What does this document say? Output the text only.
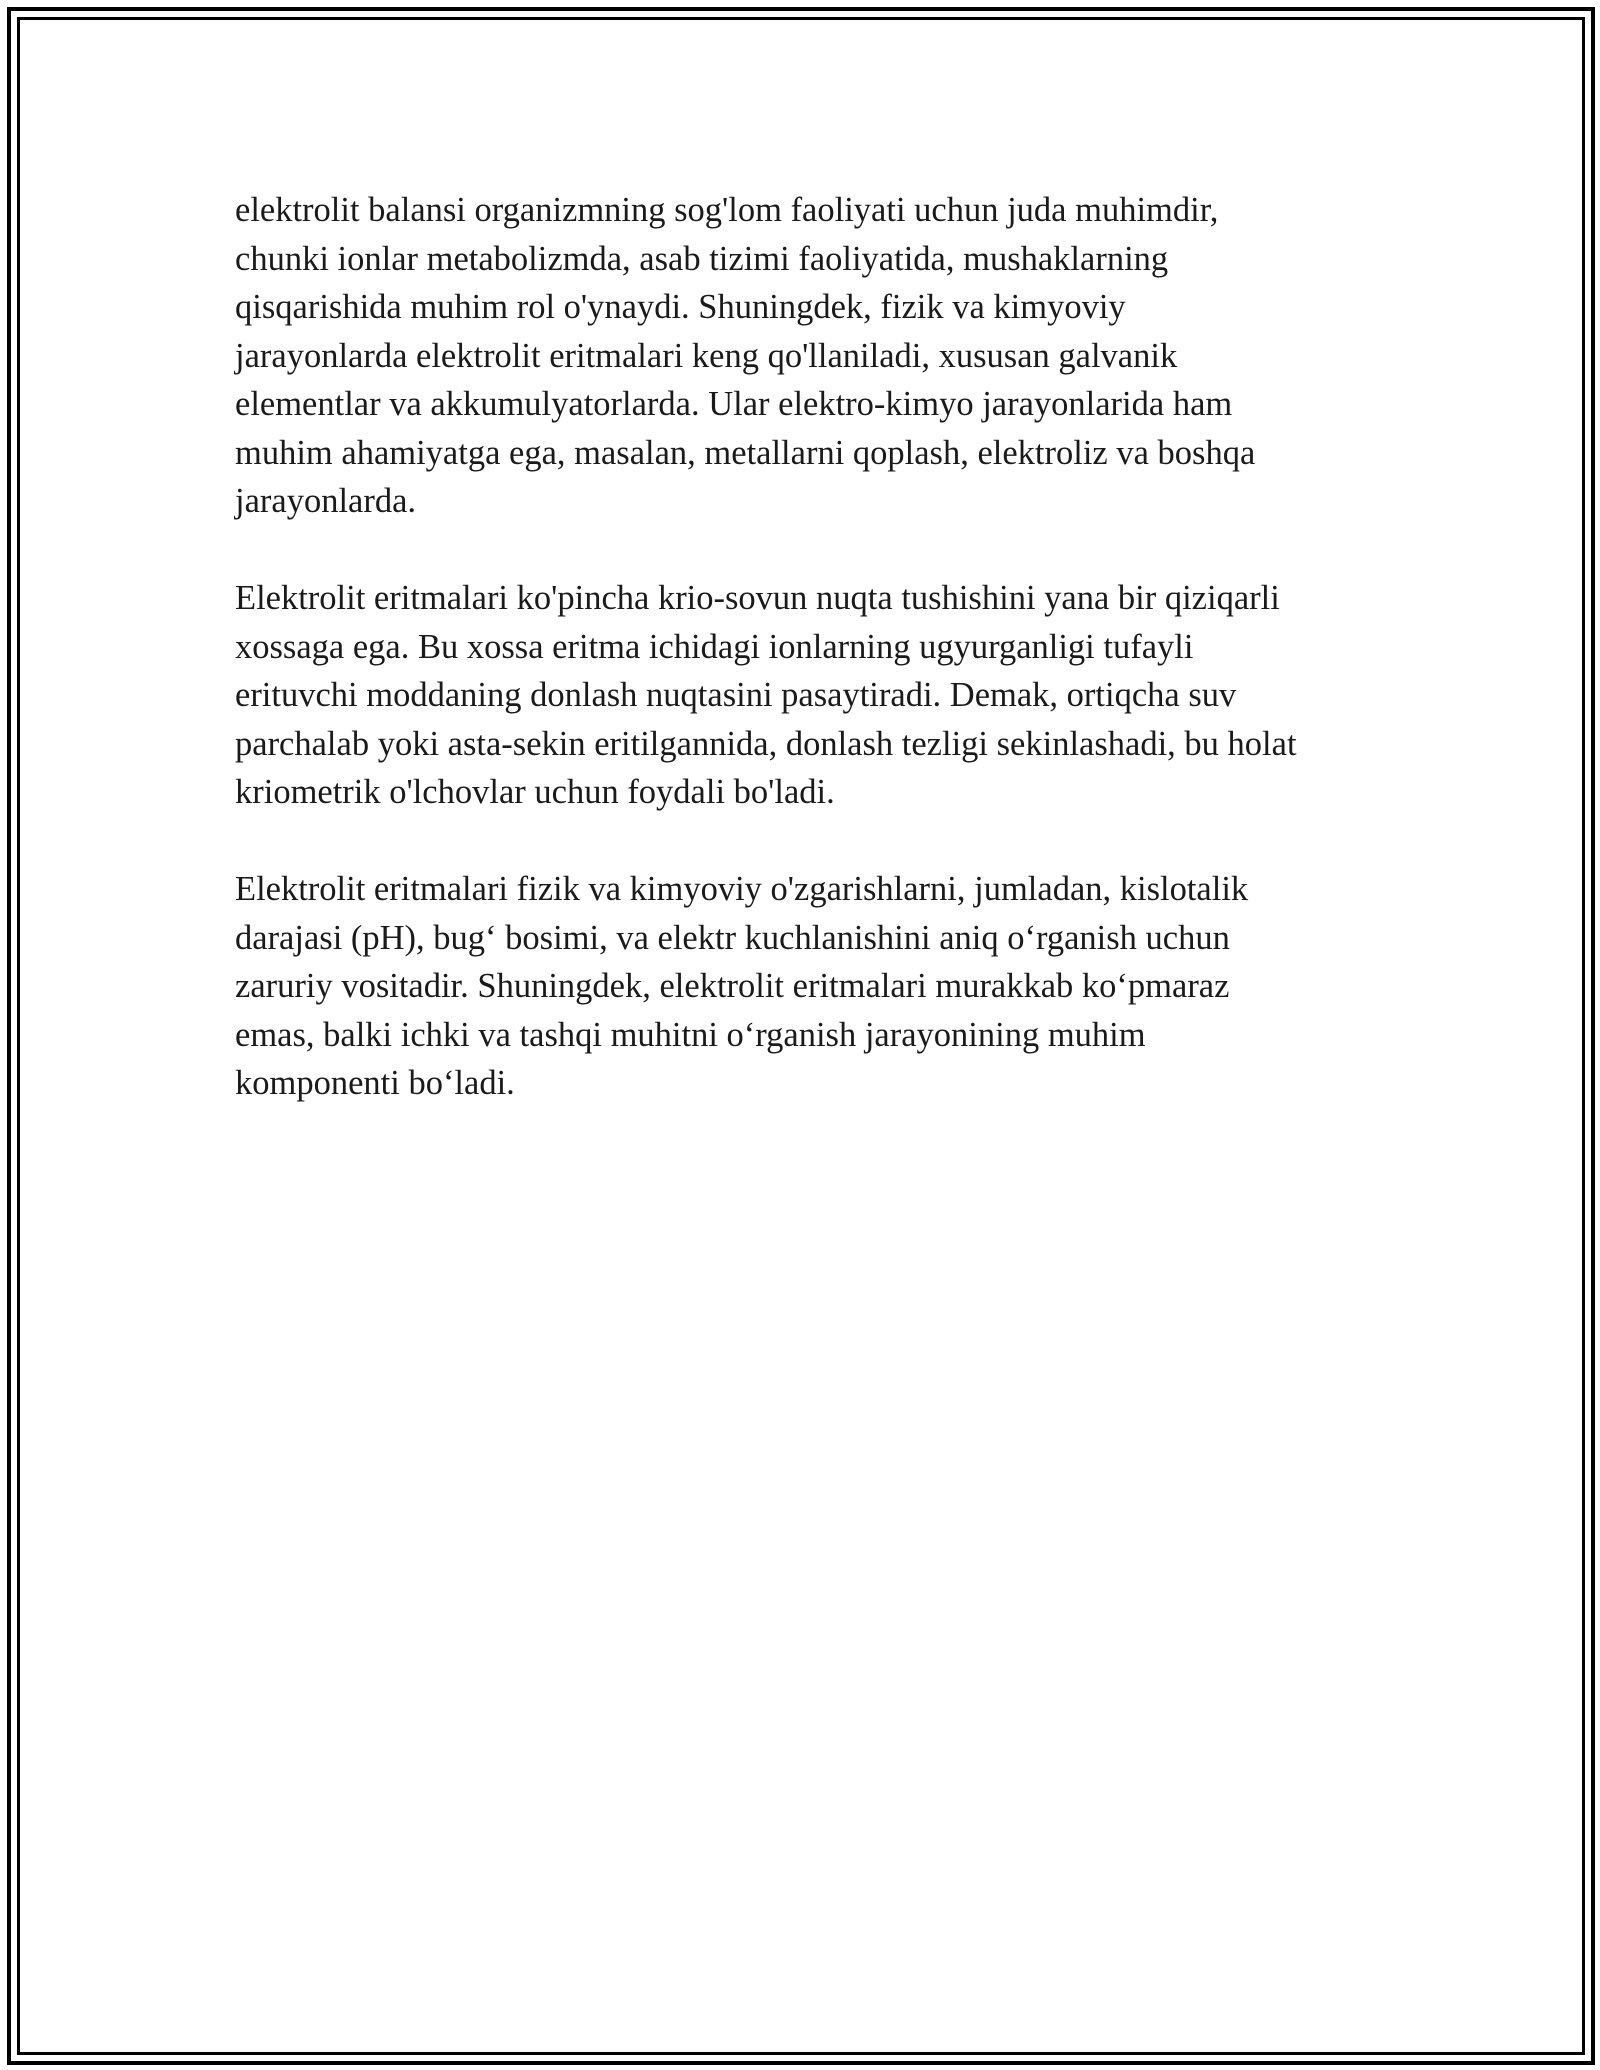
elektrolit balansi organizmning sog'lom faoliyati uchun juda muhimdir,
chunki ionlar metabolizmda, asab tizimi faoliyatida, mushaklarning
qisqarishida muhim rol o'ynaydi. Shuningdek, fizik va kimyoviy
jarayonlarda elektrolit eritmalari keng qo'llaniladi, xususan galvanik
elementlar va akkumulyatorlarda. Ular elektro-kimyo jarayonlarida ham
muhim ahamiyatga ega, masalan, metallarni qoplash, elektroliz va boshqa
jarayonlarda.

Elektrolit eritmalari ko'pincha krio-sovun nuqta tushishini yana bir qiziqarli
xossaga ega. Bu xossa eritma ichidagi ionlarning ugyurganligi tufayli
erituvchi moddaning donlash nuqtasini pasaytiradi. Demak, ortiqcha suv
parchalab yoki asta-sekin eritilgannida, donlash tezligi sekinlashadi, bu holat
kriometrik o'lchovlar uchun foydali bo'ladi.

Elektrolit eritmalari fizik va kimyoviy o'zgarishlarni, jumladan, kislotalik
darajasi (pH), bug‘ bosimi, va elektr kuchlanishini aniq o‘rganish uchun
zaruriy vositadir. Shuningdek, elektrolit eritmalari murakkab ko‘pmaraz
emas, balki ichki va tashqi muhitni o‘rganish jarayonining muhim
komponenti bo‘ladi.
